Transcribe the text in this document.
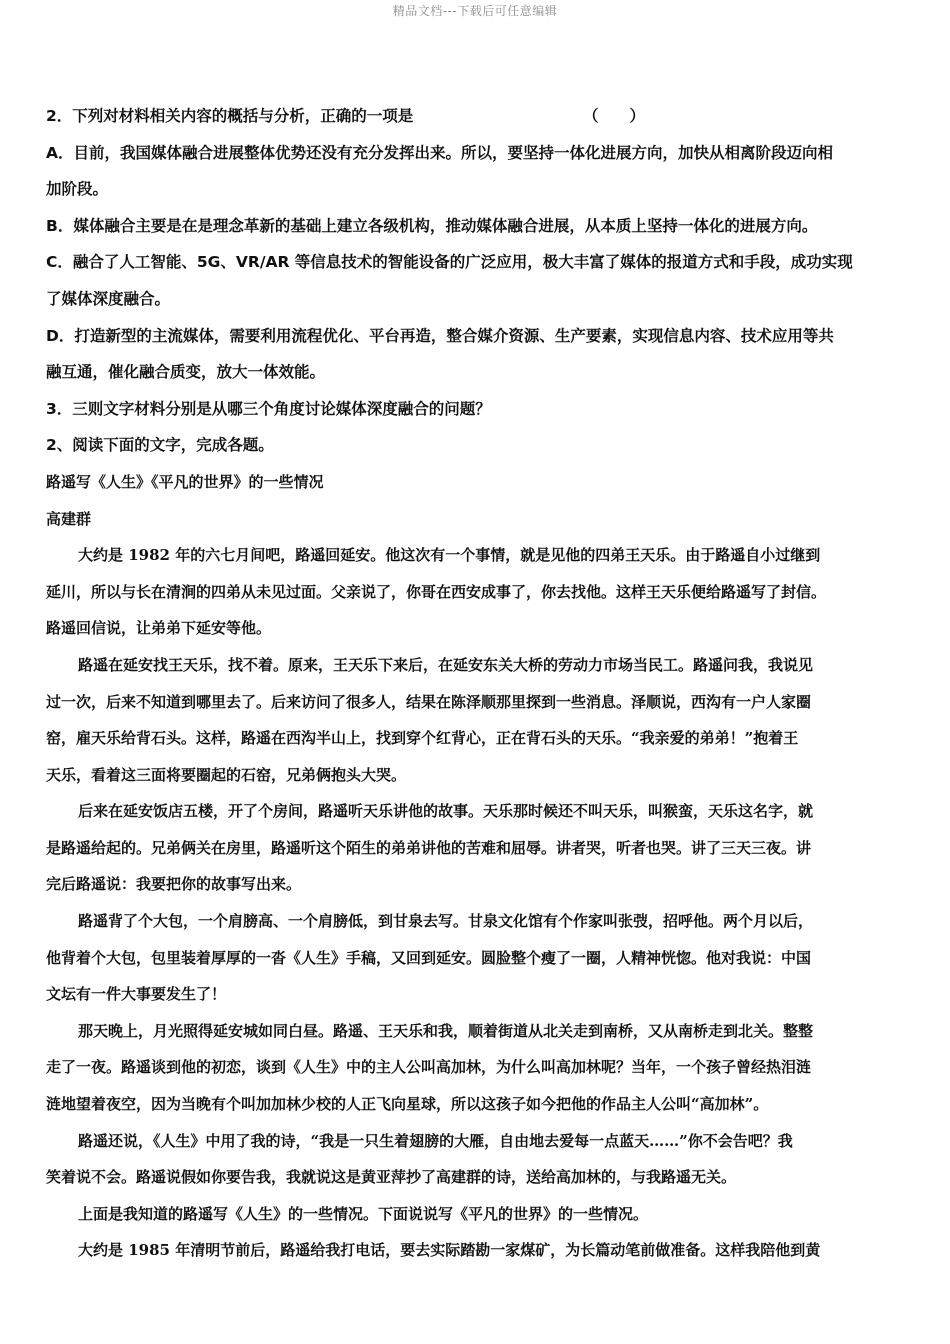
精品文档---下载后可任意编辑
2．下列对材料相关内容的概括与分析，正确的一项是	（　　）
A．目前，我国媒体融合进展整体优势还没有充分发挥出来。所以，要坚持一体化进展方向，加快从相离阶段迈向相
加阶段。
B．媒体融合主要是在是理念革新的基础上建立各级机构，推动媒体融合进展，从本质上坚持一体化的进展方向。
C．融合了人工智能、5G、VR/AR 等信息技术的智能设备的广泛应用，极大丰富了媒体的报道方式和手段，成功实现
了媒体深度融合。
D．打造新型的主流媒体，需要利用流程优化、平台再造，整合媒介资源、生产要素，实现信息内容、技术应用等共
融互通，催化融合质变，放大一体效能。
3．三则文字材料分别是从哪三个角度讨论媒体深度融合的问题？
2、阅读下面的文字，完成各题。
路遥写《人生》《平凡的世界》的一些情况
高建群
大约是 1982 年的六七月间吧，路遥回延安。他这次有一个事情，就是见他的四弟王天乐。由于路遥自小过继到
延川，所以与长在清涧的四弟从未见过面。父亲说了，你哥在西安成事了，你去找他。这样王天乐便给路遥写了封信。
路遥回信说，让弟弟下延安等他。
路遥在延安找王天乐，找不着。原来，王天乐下来后，在延安东关大桥的劳动力市场当民工。路遥问我，我说见
过一次，后来不知道到哪里去了。后来访问了很多人，结果在陈泽顺那里探到一些消息。泽顺说，西沟有一户人家圈
窑，雇天乐给背石头。这样，路遥在西沟半山上，找到穿个红背心，正在背石头的天乐。“我亲爱的弟弟！”抱着王
天乐，看着这三面将要圈起的石窑，兄弟俩抱头大哭。
后来在延安饭店五楼，开了个房间，路遥听天乐讲他的故事。天乐那时候还不叫天乐，叫猴蛮，天乐这名字，就
是路遥给起的。兄弟俩关在房里，路遥听这个陌生的弟弟讲他的苦难和屈辱。讲者哭，听者也哭。讲了三天三夜。讲
完后路遥说：我要把你的故事写出来。
路遥背了个大包，一个肩膀高、一个肩膀低，到甘泉去写。甘泉文化馆有个作家叫张弢，招呼他。两个月以后，
他背着个大包，包里装着厚厚的一沓《人生》手稿，又回到延安。圆脸整个瘦了一圈，人精神恍惚。他对我说：中国
文坛有一件大事要发生了！
那天晚上，月光照得延安城如同白昼。路遥、王天乐和我，顺着街道从北关走到南桥，又从南桥走到北关。整整
走了一夜。路遥谈到他的初恋，谈到《人生》中的主人公叫高加林，为什么叫高加林呢？当年，一个孩子曾经热泪涟
涟地望着夜空，因为当晚有个叫加加林少校的人正飞向星球，所以这孩子如今把他的作品主人公叫“高加林”。
路遥还说，《人生》中用了我的诗，“我是一只生着翅膀的大雁，自由地去爱每一点蓝天……”你不会告吧？我
笑着说不会。路遥说假如你要告我，我就说这是黄亚萍抄了高建群的诗，送给高加林的，与我路遥无关。
上面是我知道的路遥写《人生》的一些情况。下面说说写《平凡的世界》的一些情况。
大约是 1985 年清明节前后，路遥给我打电话，要去实际踏勘一家煤矿，为长篇动笔前做准备。这样我陪他到黄
